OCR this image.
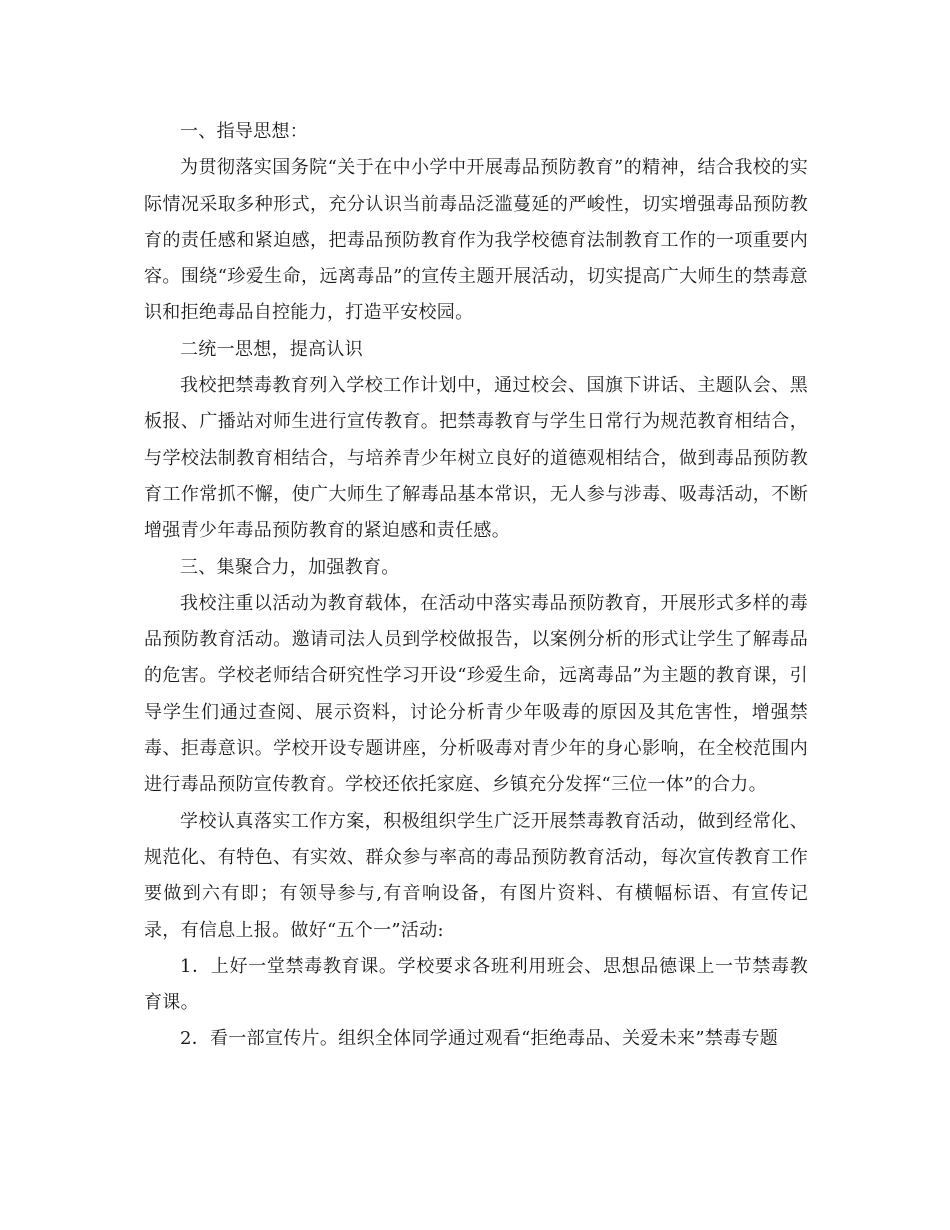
一、指导思想：

为贯彻落实国务院“关于在中小学中开展毒品预防教育”的精神，结合我校的实际情况采取多种形式，充分认识当前毒品泛滥蔓延的严峻性，切实增强毒品预防教育的责任感和紧迫感，把毒品预防教育作为我学校德育法制教育工作的一项重要内容。围绕“珍爱生命，远离毒品”的宣传主题开展活动，切实提高广大师生的禁毒意识和拒绝毒品自控能力，打造平安校园。

二统一思想，提高认识

我校把禁毒教育列入学校工作计划中，通过校会、国旗下讲话、主题队会、黑板报、广播站对师生进行宣传教育。把禁毒教育与学生日常行为规范教育相结合，与学校法制教育相结合，与培养青少年树立良好的道德观相结合，做到毒品预防教育工作常抓不懈，使广大师生了解毒品基本常识，无人参与涉毒、吸毒活动，不断增强青少年毒品预防教育的紧迫感和责任感。

三、集聚合力，加强教育。

我校注重以活动为教育载体，在活动中落实毒品预防教育，开展形式多样的毒品预防教育活动。邀请司法人员到学校做报告，以案例分析的形式让学生了解毒品的危害。学校老师结合研究性学习开设“珍爱生命，远离毒品”为主题的教育课，引导学生们通过查阅、展示资料，讨论分析青少年吸毒的原因及其危害性，增强禁毒、拒毒意识。学校开设专题讲座，分析吸毒对青少年的身心影响，在全校范围内进行毒品预防宣传教育。学校还依托家庭、乡镇充分发挥“三位一体”的合力。

学校认真落实工作方案，积极组织学生广泛开展禁毒教育活动，做到经常化、规范化、有特色、有实效、群众参与率高的毒品预防教育活动，每次宣传教育工作要做到六有即；有领导参与,有音响设备，有图片资料、有横幅标语、有宣传记录，有信息上报。做好“五个一”活动:

1．上好一堂禁毒教育课。学校要求各班利用班会、思想品德课上一节禁毒教育课。

2．看一部宣传片。组织全体同学通过观看“拒绝毒品、关爱未来”禁毒专题
